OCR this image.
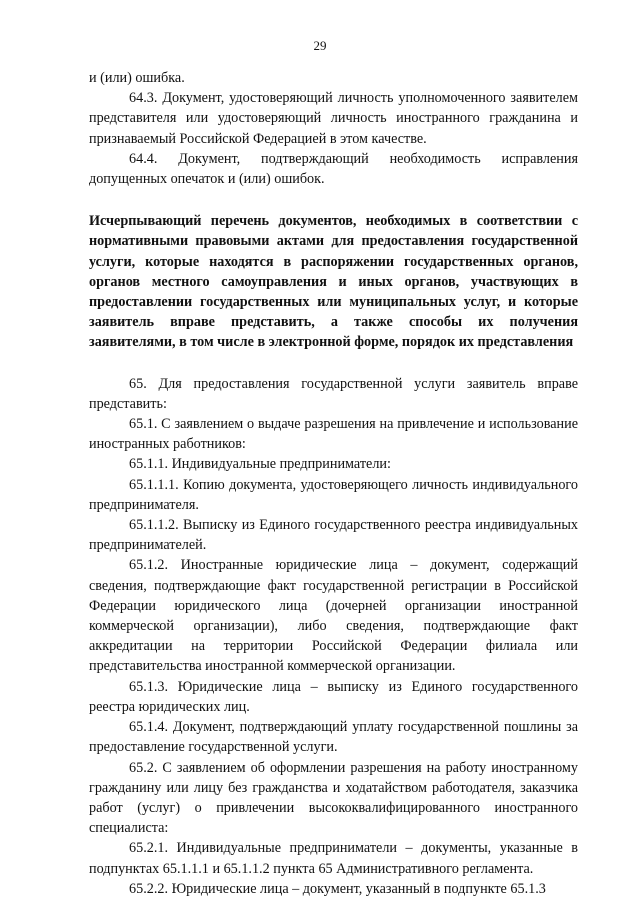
29

и (или) ошибка.

64.3. Документ, удостоверяющий личность уполномоченного заявителем представителя или удостоверяющий личность иностранного гражданина и признаваемый Российской Федерацией в этом качестве.

64.4. Документ, подтверждающий необходимость исправления допущенных опечаток и (или) ошибок.

Исчерпывающий перечень документов, необходимых в соответствии с нормативными правовыми актами для предоставления государственной услуги, которые находятся в распоряжении государственных органов, органов местного самоуправления и иных органов, участвующих в предоставлении государственных или муниципальных услуг, и которые заявитель вправе представить, а также способы их получения заявителями, в том числе в электронной форме, порядок их представления

65. Для предоставления государственной услуги заявитель вправе представить:

65.1. С заявлением о выдаче разрешения на привлечение и использование иностранных работников:

65.1.1. Индивидуальные предприниматели:

65.1.1.1. Копию документа, удостоверяющего личность индивидуального предпринимателя.

65.1.1.2. Выписку из Единого государственного реестра индивидуальных предпринимателей.

65.1.2. Иностранные юридические лица – документ, содержащий сведения, подтверждающие факт государственной регистрации в Российской Федерации юридического лица (дочерней организации иностранной коммерческой организации), либо сведения, подтверждающие факт аккредитации на территории Российской Федерации филиала или представительства иностранной коммерческой организации.

65.1.3. Юридические лица – выписку из Единого государственного реестра юридических лиц.

65.1.4. Документ, подтверждающий уплату государственной пошлины за предоставление государственной услуги.

65.2. С заявлением об оформлении разрешения на работу иностранному гражданину или лицу без гражданства и ходатайством работодателя, заказчика работ (услуг) о привлечении высококвалифицированного иностранного специалиста:

65.2.1. Индивидуальные предприниматели – документы, указанные в подпунктах 65.1.1.1 и 65.1.1.2 пункта 65 Административного регламента.

65.2.2. Юридические лица – документ, указанный в подпункте 65.1.3
